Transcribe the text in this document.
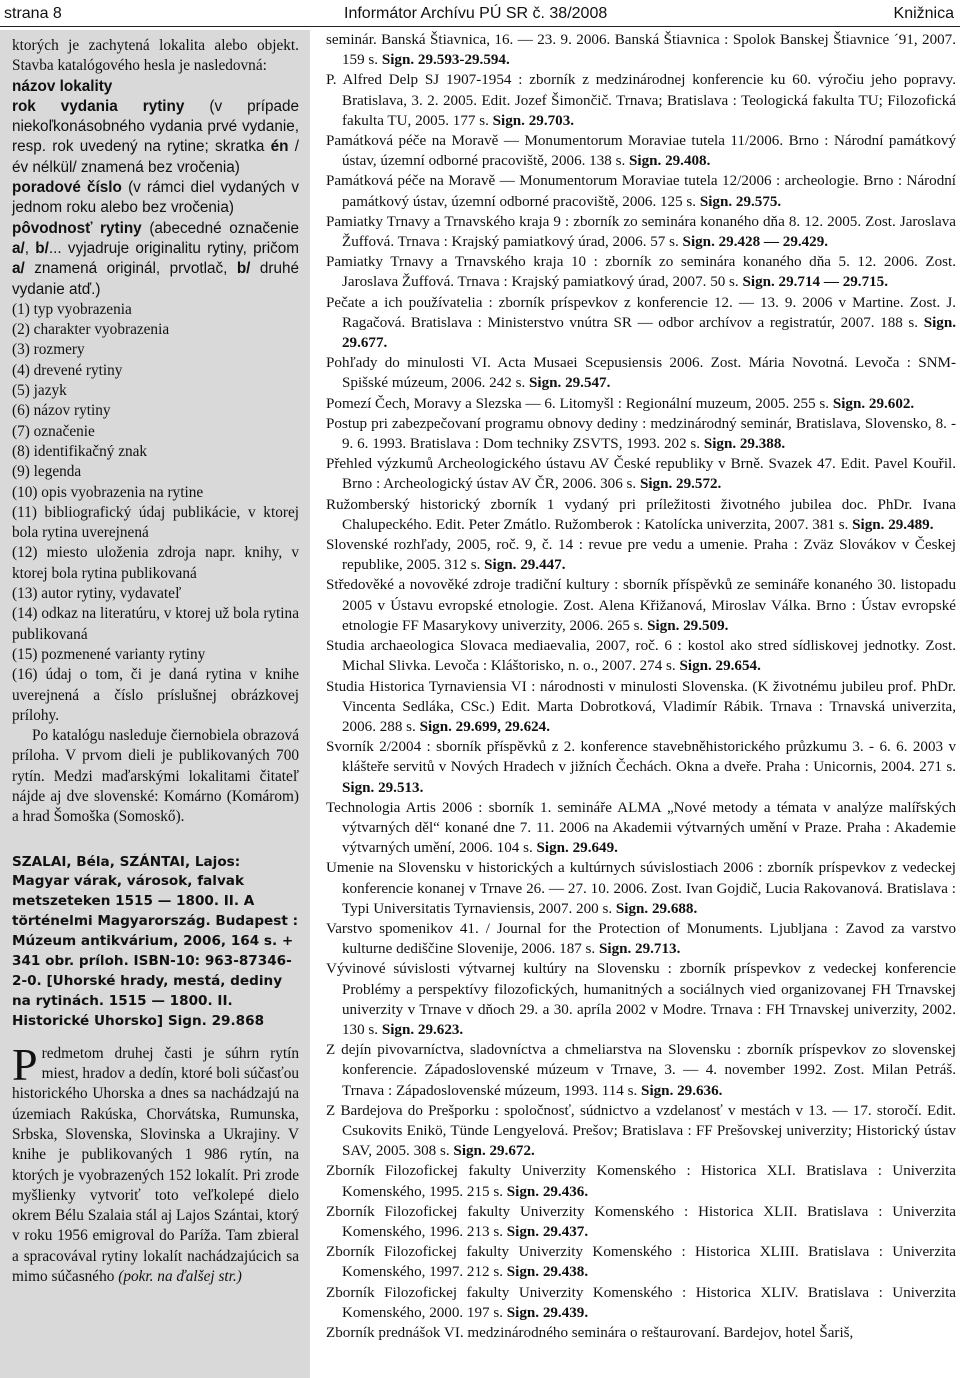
strana 8	Informátor Archívu PÚ SR č. 38/2008	Knižnica

ktorých je zachytená lokalita alebo objekt. Stavba katalógového hesla je nasledovná:

názov lokality

rok vydania rytiny (v prípade niekoľkonásobného vydania prvé vydanie, resp. rok uvedený na rytine; skratka én /év nélkül/ znamená bez vročenia)

poradové číslo (v rámci diel vydaných v jednom roku alebo bez vročenia)

pôvodnosť rytiny (abecedné označenie a/, b/... vyjadruje originalitu rytiny, pričom a/ znamená originál, prvotlač, b/ druhé vydanie atď.)

(1) typ vyobrazenia

(2) charakter vyobrazenia

(3) rozmery

(4) drevené rytiny

(5) jazyk

(6) názov rytiny

(7) označenie

(8) identifikačný znak

(9) legenda

(10) opis vyobrazenia na rytine

(11) bibliografický údaj publikácie, v ktorej bola rytina uverejnená

(12) miesto uloženia zdroja napr. knihy, v ktorej bola rytina publikovaná

(13) autor rytiny, vydavateľ

(14) odkaz na literatúru, v ktorej už bola rytina publikovaná

(15) pozmenené varianty rytiny

(16) údaj o tom, či je daná rytina v knihe uverejnená a číslo príslušnej obrázkovej prílohy.

Po katalógu nasleduje čiernobiela obrazová príloha. V prvom dieli je publikovaných 700 rytín. Medzi maďarskými lokalitami čitateľ nájde aj dve slovenské: Komárno (Komárom) a hrad Šomoška (Somoskő).

SZALAI, Béla, SZÁNTAI, Lajos: Magyar várak, városok, falvak metszeteken 1515 — 1800. II. A történelmi Magyarország. Budapest : Múzeum antikvárium, 2006, 164 s. + 341 obr. príloh. ISBN-10: 963-87346-2-0. [Uhorské hrady, mestá, dediny na rytinách. 1515 — 1800. II. Historické Uhorsko] Sign. 29.868

Predmetom druhej časti je súhrn rytín miest, hradov a dedín, ktoré boli súčasťou historického Uhorska a dnes sa nachádzajú na územiach Rakúska, Chorvátska, Rumunska, Srbska, Slovenska, Slovinska a Ukrajiny. V knihe je publikovaných 1 986 rytín, na ktorých je vyobrazených 152 lokalít. Pri zrode myšlienky vytvoriť toto veľkolepé dielo okrem Bélu Szalaia stál aj Lajos Szántai, ktorý v roku 1956 emigroval do Paríža. Tam zbieral a spracovával rytiny lokalít nachádzajúcich sa mimo súčasného (pokr. na ďalšej str.)

seminár. Banská Štiavnica, 16. — 23. 9. 2006. Banská Štiavnica : Spolok Banskej Štiavnice ´91, 2007. 159 s. Sign. 29.593-29.594.

P. Alfred Delp SJ 1907-1954 : zborník z medzinárodnej konferencie ku 60. výročiu jeho popravy. Bratislava, 3. 2. 2005. Edit. Jozef Šimončič. Trnava; Bratislava : Teologická fakulta TU; Filozofická fakulta TU, 2005. 177 s. Sign. 29.703.

Památková péče na Moravě — Monumentorum Moraviae tutela 11/2006. Brno : Národní památkový ústav, územní odborné pracoviště, 2006. 138 s. Sign. 29.408.

Památková péče na Moravě — Monumentorum Moraviae tutela 12/2006 : archeologie. Brno : Národní památkový ústav, územní odborné pracoviště, 2006. 125 s. Sign. 29.575.

Pamiatky Trnavy a Trnavského kraja 9 : zborník zo seminára konaného dňa 8. 12. 2005. Zost. Jaroslava Žuffová. Trnava : Krajský pamiatkový úrad, 2006. 57 s. Sign. 29.428 — 29.429.

Pamiatky Trnavy a Trnavského kraja 10 : zborník zo seminára konaného dňa 5. 12. 2006. Zost. Jaroslava Žuffová. Trnava : Krajský pamiatkový úrad, 2007. 50 s. Sign. 29.714 — 29.715.

Pečate a ich používatelia : zborník príspevkov z konferencie 12. — 13. 9. 2006 v Martine. Zost. J. Ragačová. Bratislava : Ministerstvo vnútra SR — odbor archívov a registratúr, 2007. 188 s. Sign. 29.677.

Pohľady do minulosti VI. Acta Musaei Scepusiensis 2006. Zost. Mária Novotná. Levoča : SNM-Spišské múzeum, 2006. 242 s. Sign. 29.547.

Pomezí Čech, Moravy a Slezska — 6. Litomyšl : Regionální muzeum, 2005. 255 s. Sign. 29.602.

Postup pri zabezpečovaní programu obnovy dediny : medzinárodný seminár, Bratislava, Slovensko, 8. - 9. 6. 1993. Bratislava : Dom techniky ZSVTS, 1993. 202 s. Sign. 29.388.

Přehled výzkumů Archeologického ústavu AV České republiky v Brně. Svazek 47. Edit. Pavel Kouřil. Brno : Archeologický ústav AV ČR, 2006. 306 s. Sign. 29.572.

Ružomberský historický zborník 1 vydaný pri príležitosti životného jubilea doc. PhDr. Ivana Chalupeckého. Edit. Peter Zmátlo. Ružomberok : Katolícka univerzita, 2007. 381 s. Sign. 29.489.

Slovenské rozhľady, 2005, roč. 9, č. 14 : revue pre vedu a umenie. Praha : Zväz Slovákov v Českej republike, 2005. 312 s. Sign. 29.447.

Středověké a novověké zdroje tradiční kultury : sborník příspěvků ze semináře konaného 30. listopadu 2005 v Ústavu evropské etnologie. Zost. Alena Křižanová, Miroslav Válka. Brno : Ústav evropské etnologie FF Masarykovy univerzity, 2006. 265 s. Sign. 29.509.

Studia archaeologica Slovaca mediaevalia, 2007, roč. 6 : kostol ako stred sídliskovej jednotky. Zost. Michal Slivka. Levoča : Kláštorisko, n. o., 2007. 274 s. Sign. 29.654.

Studia Historica Tyrnaviensia VI : národnosti v minulosti Slovenska. (K životnému jubileu prof. PhDr. Vincenta Sedláka, CSc.) Edit. Marta Dobrotková, Vladimír Rábik. Trnava : Trnavská univerzita, 2006. 288 s. Sign. 29.699, 29.624.

Svorník 2/2004 : sborník příspěvků z 2. konference stavebněhistorického průzkumu 3. - 6. 6. 2003 v klášteře servitů v Nových Hradech v jižních Čechách. Okna a dveře. Praha : Unicornis, 2004. 271 s. Sign. 29.513.

Technologia Artis 2006 : sborník 1. semináře ALMA „Nové metody a témata v analýze malířských výtvarných děl“ konané dne 7. 11. 2006 na Akademii výtvarných umění v Praze. Praha : Akademie výtvarných umění, 2006. 104 s. Sign. 29.649.

Umenie na Slovensku v historických a kultúrnych súvislostiach 2006 : zborník príspevkov z vedeckej konferencie konanej v Trnave 26. — 27. 10. 2006. Zost. Ivan Gojdič, Lucia Rakovanová. Bratislava : Typi Universitatis Tyrnaviensis, 2007. 200 s. Sign. 29.688.

Varstvo spomenikov 41. / Journal for the Protection of Monuments. Ljubljana : Zavod za varstvo kulturne dediščine Slovenije, 2006. 187 s. Sign. 29.713.

Vývinové súvislosti výtvarnej kultúry na Slovensku : zborník príspevkov z vedeckej konferencie Problémy a perspektívy filozofických, humanitných a sociálnych vied organizovanej FH Trnavskej univerzity v Trnave v dňoch 29. a 30. apríla 2002 v Modre. Trnava : FH Trnavskej univerzity, 2002. 130 s. Sign. 29.623.

Z dejín pivovarníctva, sladovníctva a chmeliarstva na Slovensku : zborník príspevkov zo slovenskej konferencie. Západoslovenské múzeum v Trnave, 3. — 4. november 1992. Zost. Milan Petráš. Trnava : Západoslovenské múzeum, 1993. 114 s. Sign. 29.636.

Z Bardejova do Prešporku : spoločnosť, súdnictvo a vzdelanosť v mestách v 13. — 17. storočí. Edit. Csukovits Enikö, Tünde Lengyelová. Prešov; Bratislava : FF Prešovskej univerzity; Historický ústav SAV, 2005. 308 s. Sign. 29.672.

Zborník Filozofickej fakulty Univerzity Komenského : Historica XLI. Bratislava : Univerzita Komenského, 1995. 215 s. Sign. 29.436.

Zborník Filozofickej fakulty Univerzity Komenského : Historica XLII. Bratislava : Univerzita Komenského, 1996. 213 s. Sign. 29.437.

Zborník Filozofickej fakulty Univerzity Komenského : Historica XLIII. Bratislava : Univerzita Komenského, 1997. 212 s. Sign. 29.438.

Zborník Filozofickej fakulty Univerzity Komenského : Historica XLIV. Bratislava : Univerzita Komenského, 2000. 197 s. Sign. 29.439.

Zborník prednášok VI. medzinárodného seminára o reštaurovaní. Bardejov, hotel Šariš,
